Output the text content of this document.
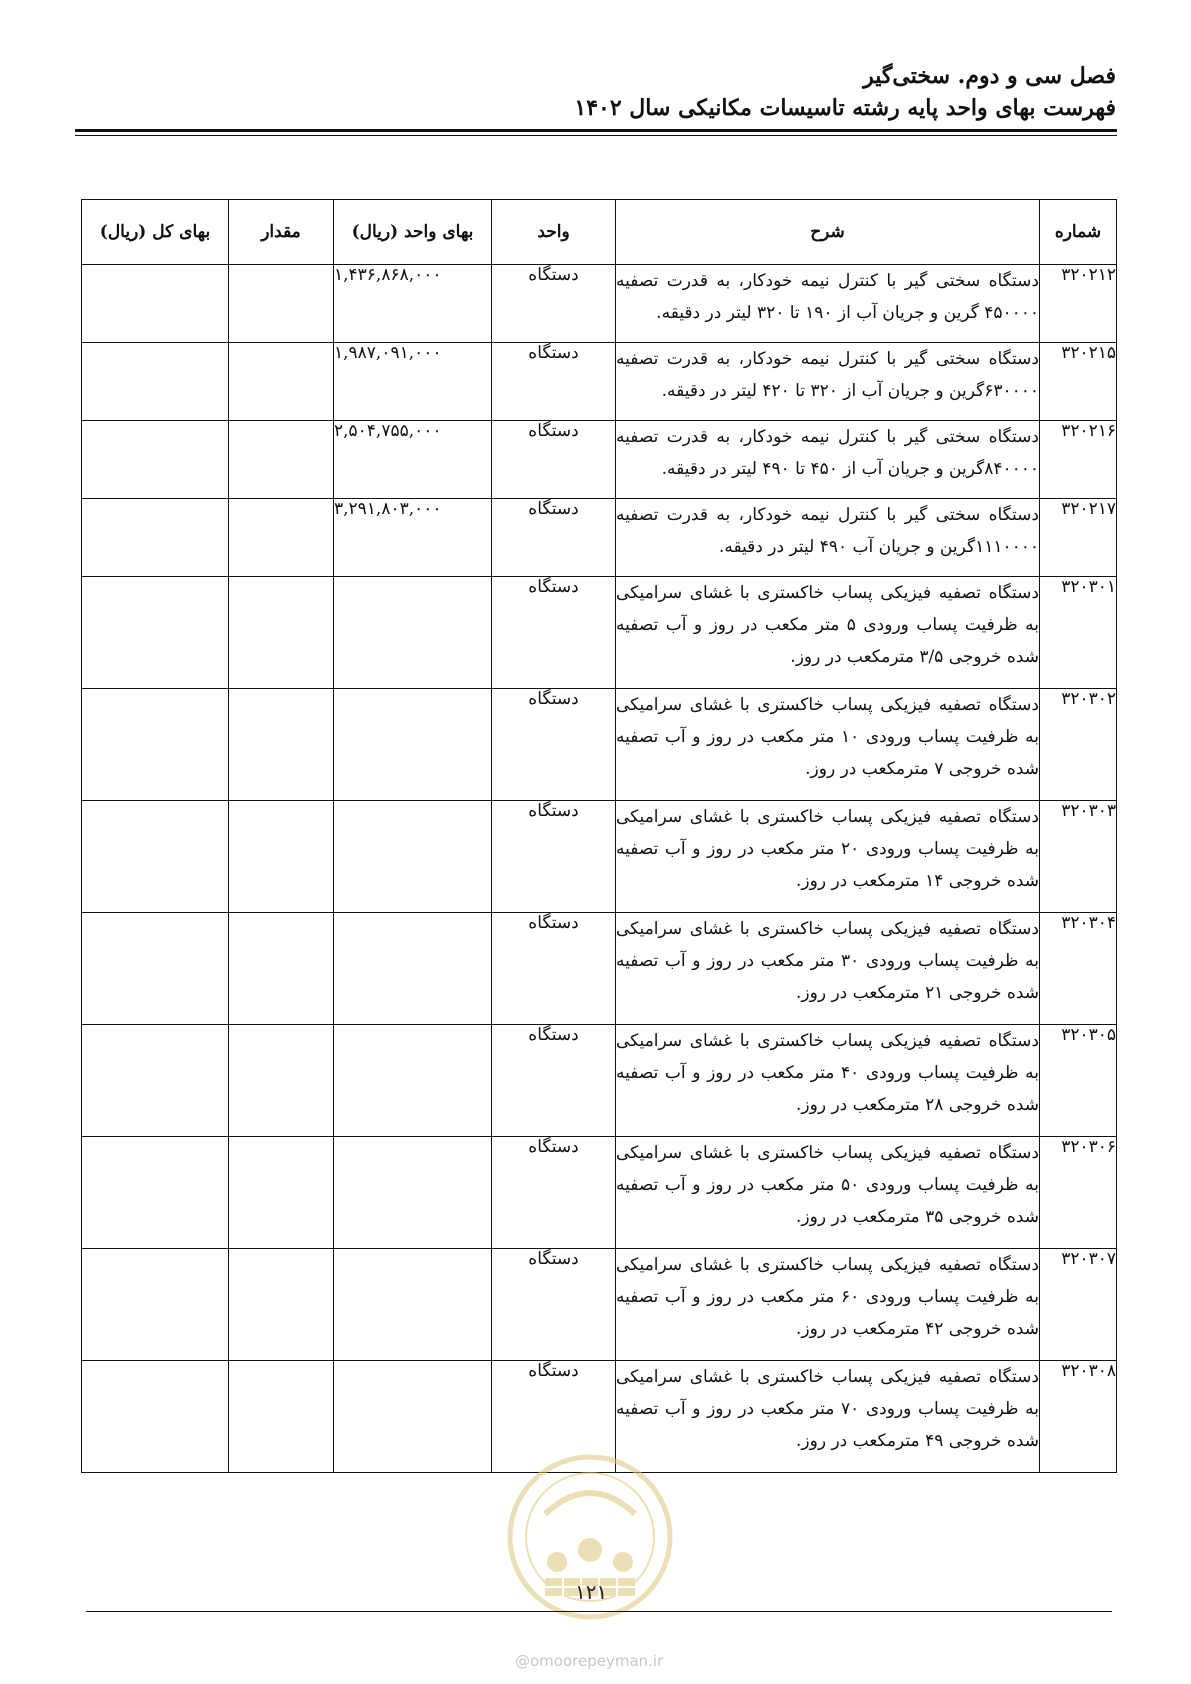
فصل سی و دوم. سختی‌گیر
فهرست بهای واحد پایه رشته تاسیسات مکانیکی سال ۱۴۰۲
شماره	شرح	واحد	بهای واحد (ریال)	مقدار	بهای کل (ریال)
۳۲۰۲۱۲	دستگاه سختی گیر با کنترل نیمه خودکار، به قدرت تصفیه ۴۵۰۰۰۰ گرین و جریان آب از ۱۹۰ تا ۳۲۰ لیتر در دقیقه.	دستگاه	۱,۴۳۶,۸۶۸,۰۰۰		
۳۲۰۲۱۵	دستگاه سختی گیر با کنترل نیمه خودکار، به قدرت تصفیه ۶۳۰۰۰۰گرین و جریان آب از ۳۲۰ تا ۴۲۰ لیتر در دقیقه.	دستگاه	۱,۹۸۷,۰۹۱,۰۰۰		
۳۲۰۲۱۶	دستگاه سختی گیر با کنترل نیمه خودکار، به قدرت تصفیه ۸۴۰۰۰۰گرین و جریان آب از ۴۵۰ تا ۴۹۰ لیتر در دقیقه.	دستگاه	۲,۵۰۴,۷۵۵,۰۰۰		
۳۲۰۲۱۷	دستگاه سختی گیر با کنترل نیمه خودکار، به قدرت تصفیه ۱۱۱۰۰۰۰گرین و جریان آب ۴۹۰ لیتر در دقیقه.	دستگاه	۳,۲۹۱,۸۰۳,۰۰۰		
۳۲۰۳۰۱	دستگاه تصفیه فیزیکی پساب خاکستری با غشای سرامیکی به ظرفیت پساب ورودی ۵ متر مکعب در روز و آب تصفیه شده خروجی ۳/۵ مترمکعب در روز.	دستگاه			
۳۲۰۳۰۲	دستگاه تصفیه فیزیکی پساب خاکستری با غشای سرامیکی به ظرفیت پساب ورودی ۱۰ متر مکعب در روز و آب تصفیه شده خروجی ۷ مترمکعب در روز.	دستگاه			
۳۲۰۳۰۳	دستگاه تصفیه فیزیکی پساب خاکستری با غشای سرامیکی به ظرفیت پساب ورودی ۲۰ متر مکعب در روز و آب تصفیه شده خروجی ۱۴ مترمکعب در روز.	دستگاه			
۳۲۰۳۰۴	دستگاه تصفیه فیزیکی پساب خاکستری با غشای سرامیکی به ظرفیت پساب ورودی ۳۰ متر مکعب در روز و آب تصفیه شده خروجی ۲۱ مترمکعب در روز.	دستگاه			
۳۲۰۳۰۵	دستگاه تصفیه فیزیکی پساب خاکستری با غشای سرامیکی به ظرفیت پساب ورودی ۴۰ متر مکعب در روز و آب تصفیه شده خروجی ۲۸ مترمکعب در روز.	دستگاه			
۳۲۰۳۰۶	دستگاه تصفیه فیزیکی پساب خاکستری با غشای سرامیکی به ظرفیت پساب ورودی ۵۰ متر مکعب در روز و آب تصفیه شده خروجی ۳۵ مترمکعب در روز.	دستگاه			
۳۲۰۳۰۷	دستگاه تصفیه فیزیکی پساب خاکستری با غشای سرامیکی به ظرفیت پساب ورودی ۶۰ متر مکعب در روز و آب تصفیه شده خروجی ۴۲ مترمکعب در روز.	دستگاه			
۳۲۰۳۰۸	دستگاه تصفیه فیزیکی پساب خاکستری با غشای سرامیکی به ظرفیت پساب ورودی ۷۰ متر مکعب در روز و آب تصفیه شده خروجی ۴۹ مترمکعب در روز.	دستگاه			
۱۲۱
@omoorepeyman.ir
